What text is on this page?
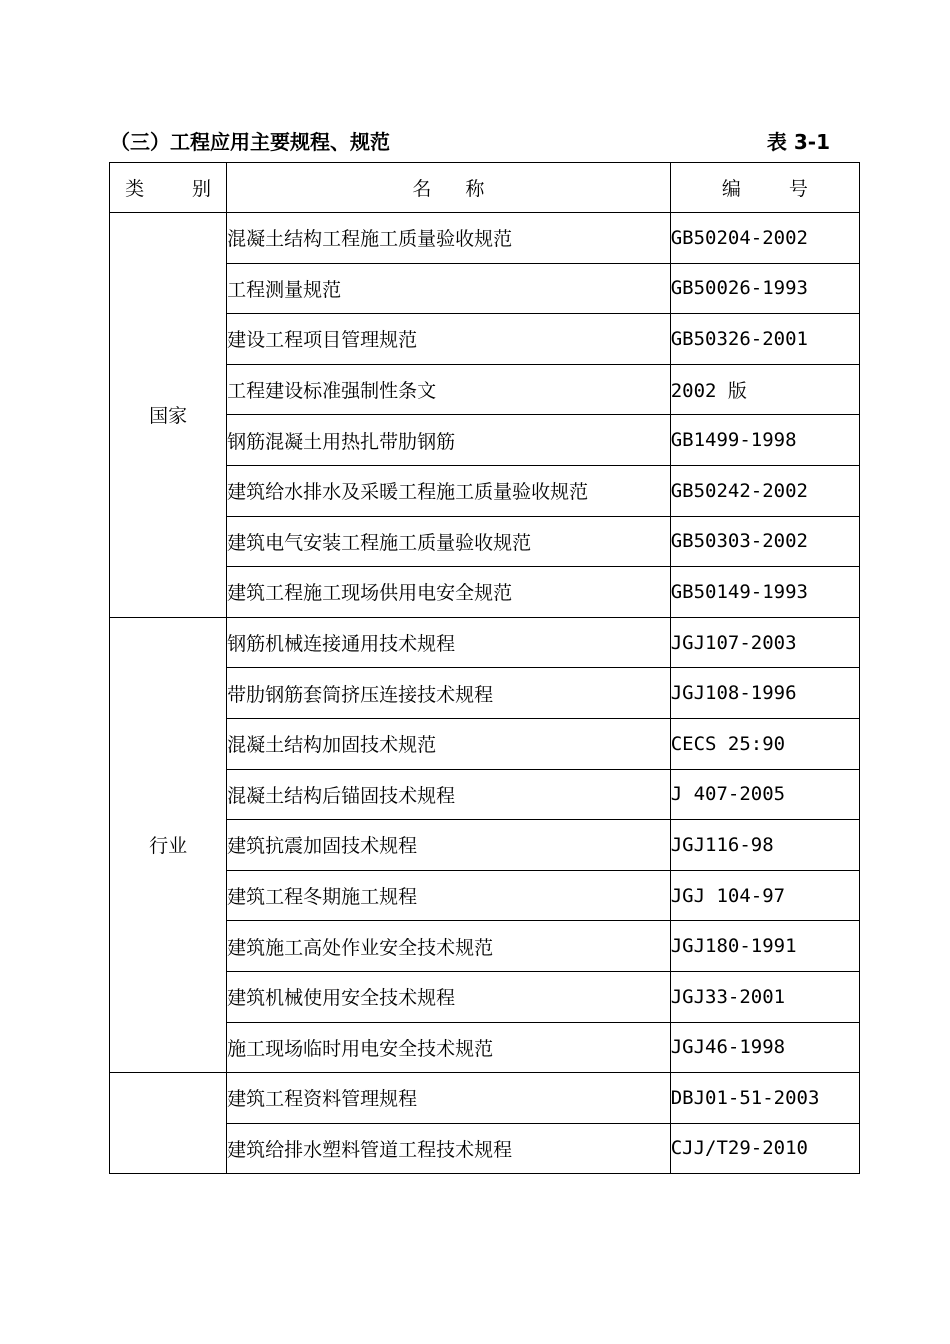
（三）工程应用主要规程、规范	表 3-1
类 别	名 称	编 号

国家	混凝土结构工程施工质量验收规范	GB50204-2002
	工程测量规范	GB50026-1993
	建设工程项目管理规范	GB50326-2001
	工程建设标准强制性条文	2002 版
	钢筋混凝土用热扎带肋钢筋	GB1499-1998
	建筑给水排水及采暖工程施工质量验收规范	GB50242-2002
	建筑电气安装工程施工质量验收规范	GB50303-2002
	建筑工程施工现场供用电安全规范	GB50149-1993
行业	钢筋机械连接通用技术规程	JGJ107-2003
	带肋钢筋套筒挤压连接技术规程	JGJ108-1996
	混凝土结构加固技术规范	CECS 25:90
	混凝土结构后锚固技术规程	J 407-2005
	建筑抗震加固技术规程	JGJ116-98
	建筑工程冬期施工规程	JGJ 104-97
	建筑施工高处作业安全技术规范	JGJ180-1991
	建筑机械使用安全技术规程	JGJ33-2001
	施工现场临时用电安全技术规范	JGJ46-1998
	建筑工程资料管理规程	DBJ01-51-2003
	建筑给排水塑料管道工程技术规程	CJJ/T29-2010
